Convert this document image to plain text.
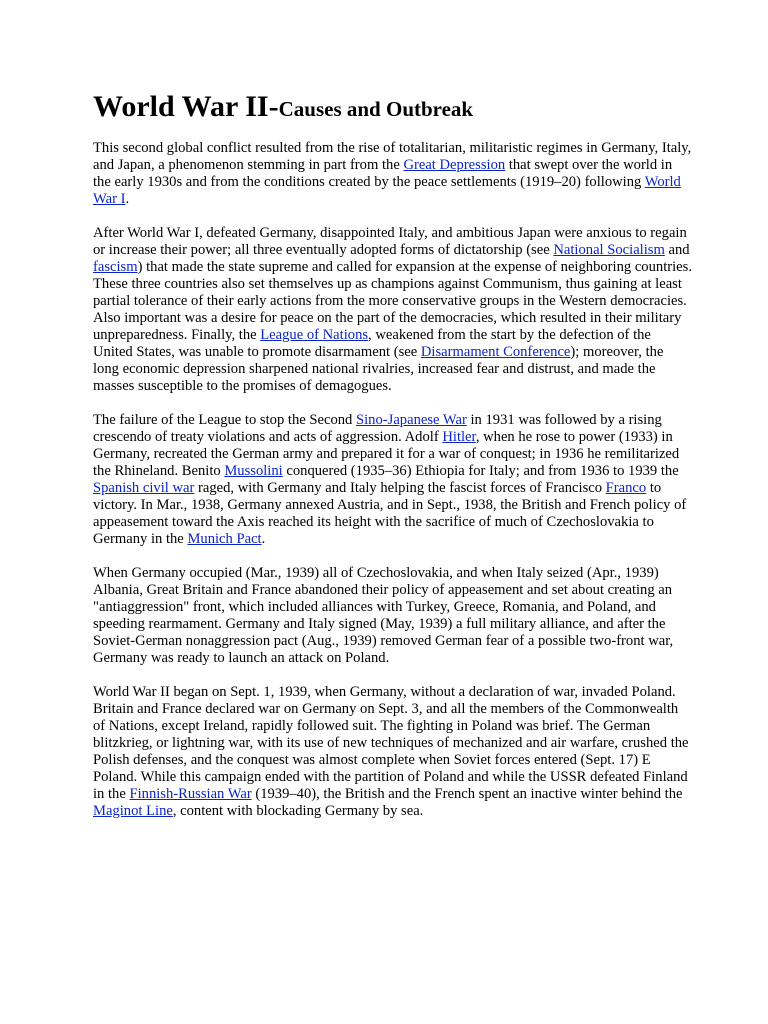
World War II-Causes and Outbreak

This second global conflict resulted from the rise of totalitarian, militaristic regimes in Germany, Italy, and Japan, a phenomenon stemming in part from the Great Depression that swept over the world in the early 1930s and from the conditions created by the peace settlements (1919–20) following World War I.

After World War I, defeated Germany, disappointed Italy, and ambitious Japan were anxious to regain or increase their power; all three eventually adopted forms of dictatorship (see National Socialism and fascism) that made the state supreme and called for expansion at the expense of neighboring countries. These three countries also set themselves up as champions against Communism, thus gaining at least partial tolerance of their early actions from the more conservative groups in the Western democracies. Also important was a desire for peace on the part of the democracies, which resulted in their military unpreparedness. Finally, the League of Nations, weakened from the start by the defection of the United States, was unable to promote disarmament (see Disarmament Conference); moreover, the long economic depression sharpened national rivalries, increased fear and distrust, and made the masses susceptible to the promises of demagogues.

The failure of the League to stop the Second Sino-Japanese War in 1931 was followed by a rising crescendo of treaty violations and acts of aggression. Adolf Hitler, when he rose to power (1933) in Germany, recreated the German army and prepared it for a war of conquest; in 1936 he remilitarized the Rhineland. Benito Mussolini conquered (1935–36) Ethiopia for Italy; and from 1936 to 1939 the Spanish civil war raged, with Germany and Italy helping the fascist forces of Francisco Franco to victory. In Mar., 1938, Germany annexed Austria, and in Sept., 1938, the British and French policy of appeasement toward the Axis reached its height with the sacrifice of much of Czechoslovakia to Germany in the Munich Pact.

When Germany occupied (Mar., 1939) all of Czechoslovakia, and when Italy seized (Apr., 1939) Albania, Great Britain and France abandoned their policy of appeasement and set about creating an "antiaggression" front, which included alliances with Turkey, Greece, Romania, and Poland, and speeding rearmament. Germany and Italy signed (May, 1939) a full military alliance, and after the Soviet-German nonaggression pact (Aug., 1939) removed German fear of a possible two-front war, Germany was ready to launch an attack on Poland.

World War II began on Sept. 1, 1939, when Germany, without a declaration of war, invaded Poland. Britain and France declared war on Germany on Sept. 3, and all the members of the Commonwealth of Nations, except Ireland, rapidly followed suit. The fighting in Poland was brief. The German blitzkrieg, or lightning war, with its use of new techniques of mechanized and air warfare, crushed the Polish defenses, and the conquest was almost complete when Soviet forces entered (Sept. 17) E Poland. While this campaign ended with the partition of Poland and while the USSR defeated Finland in the Finnish-Russian War (1939–40), the British and the French spent an inactive winter behind the Maginot Line, content with blockading Germany by sea.
